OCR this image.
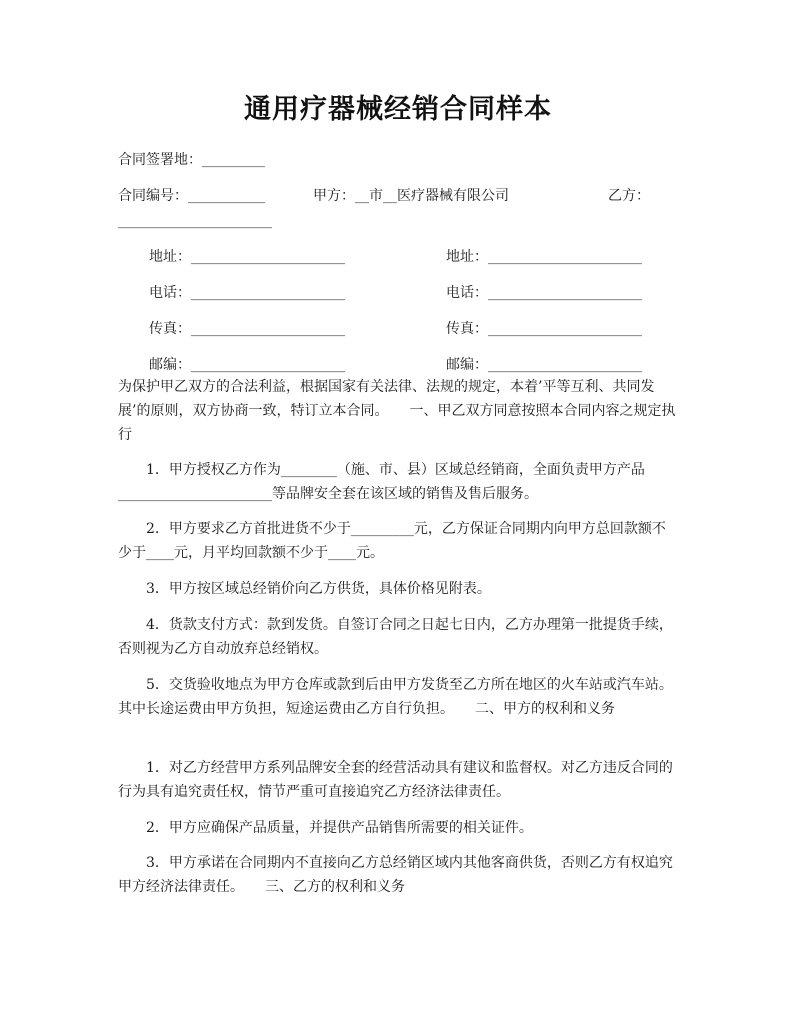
通用疗器械经销合同样本
合同签署地：_________
合同编号：___________	甲方：__市__医疗器械有限公司	乙方：
______________________
地址：______________________	地址：______________________
电话：______________________	电话：______________________
传真：______________________	传真：______________________
邮编：______________________	邮编：______________________
为保护甲乙双方的合法利益，根据国家有关法律、法规的规定，本着’平等互利、共同发展’的原则，双方协商一致，特订立本合同。　　一、甲乙双方同意按照本合同内容之规定执行
1．甲方授权乙方作为________（施、市、县）区域总经销商，全面负责甲方产品______________________等品牌安全套在该区域的销售及售后服务。
2．甲方要求乙方首批进货不少于_________元，乙方保证合同期内向甲方总回款额不少于____元，月平均回款额不少于____元。
3．甲方按区域总经销价向乙方供货，具体价格见附表。
4．货款支付方式：款到发货。自签订合同之日起七日内，乙方办理第一批提货手续，否则视为乙方自动放弃总经销权。
5．交货验收地点为甲方仓库或款到后由甲方发货至乙方所在地区的火车站或汽车站。其中长途运费由甲方负担，短途运费由乙方自行负担。　　二、甲方的权利和义务
1．对乙方经营甲方系列品牌安全套的经营活动具有建议和监督权。对乙方违反合同的行为具有追究责任权，情节严重可直接追究乙方经济法律责任。
2．甲方应确保产品质量，并提供产品销售所需要的相关证件。
3．甲方承诺在合同期内不直接向乙方总经销区域内其他客商供货，否则乙方有权追究甲方经济法律责任。　　三、乙方的权利和义务
